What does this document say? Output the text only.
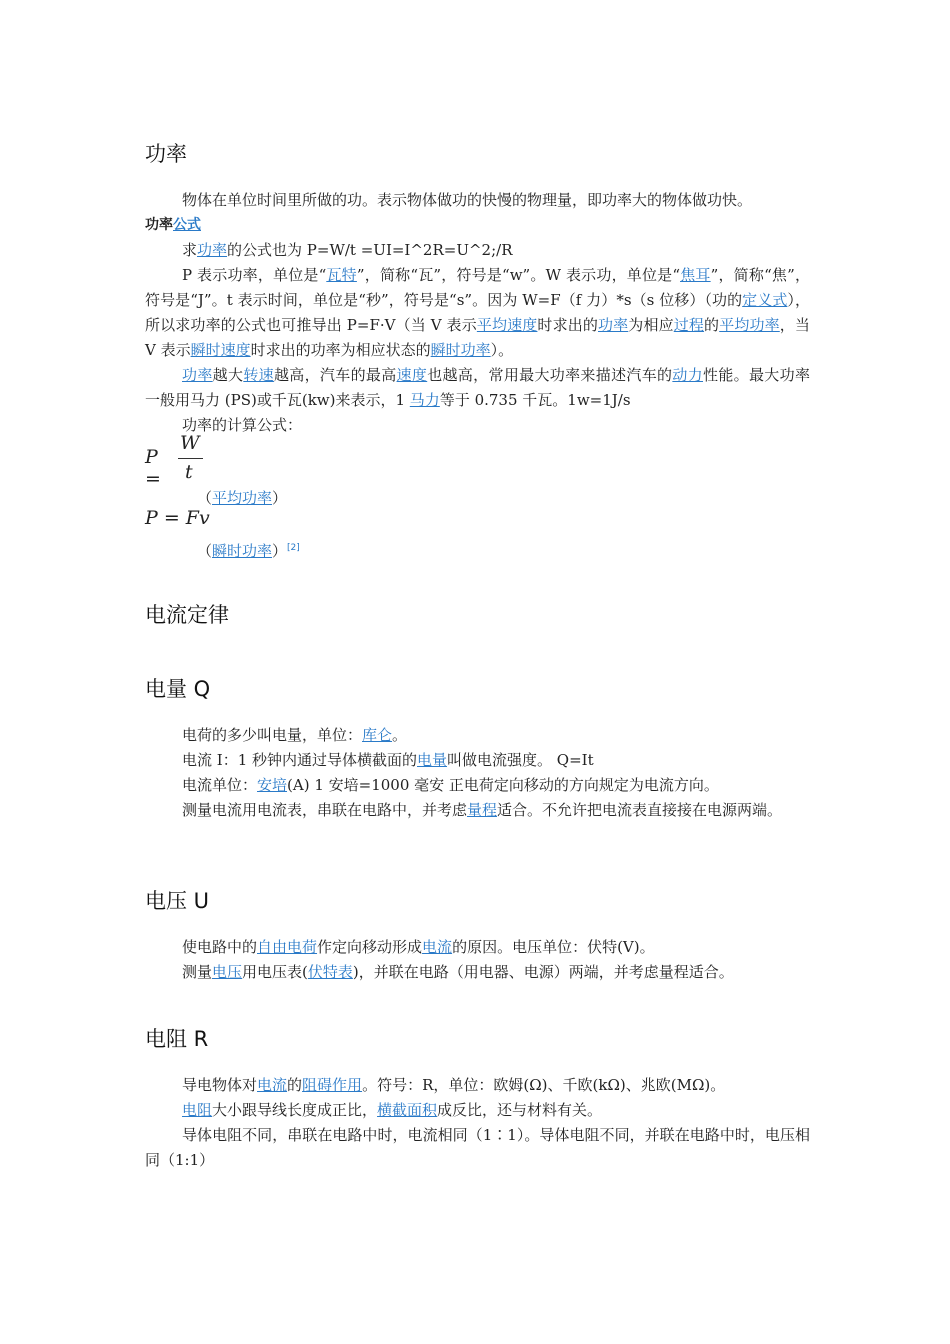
功率

物体在单位时间里所做的功。表示物体做功的快慢的物理量，即功率大的物体做功快。

功率公式

求功率的公式也为 P=W/t =UI=I^2R=U^2;/R

P 表示功率，单位是“瓦特”，简称“瓦”，符号是“w”。W 表示功，单位是“焦耳”，简称“焦”，符号是“J”。t 表示时间，单位是“秒”，符号是“s”。因为 W=F（f 力）*s（s 位移）（功的定义式），所以求功率的公式也可推导出 P=F·V（当 V 表示平均速度时求出的功率为相应过程的平均功率，当 V 表示瞬时速度时求出的功率为相应状态的瞬时功率）。

功率越大转速越高，汽车的最高速度也越高，常用最大功率来描述汽车的动力性能。最大功率一般用马力 (PS)或千瓦(kw)来表示，1 马力等于 0.735 千瓦。1w=1J/s

功率的计算公式：
P =
W
t
（平均功率）
P = Fv
（瞬时功率）[2]
电流定律
电量 Q

电荷的多少叫电量，单位：库仑。

电流 I：1 秒钟内通过导体横截面的电量叫做电流强度。 Q=It

电流单位：安培(A) 1 安培=1000 毫安 正电荷定向移动的方向规定为电流方向。

测量电流用电流表，串联在电路中，并考虑量程适合。不允许把电流表直接接在电源两端。

电压 U

使电路中的自由电荷作定向移动形成电流的原因。电压单位：伏特(V)。

测量电压用电压表(伏特表)，并联在电路（用电器、电源）两端，并考虑量程适合。

电阻 R

导电物体对电流的阻碍作用。符号：R，单位：欧姆(Ω)、千欧(kΩ)、兆欧(MΩ)。

电阻大小跟导线长度成正比，横截面积成反比，还与材料有关。

导体电阻不同，串联在电路中时，电流相同（1∶1）。导体电阻不同，并联在电路中时，电压相同（1:1）
